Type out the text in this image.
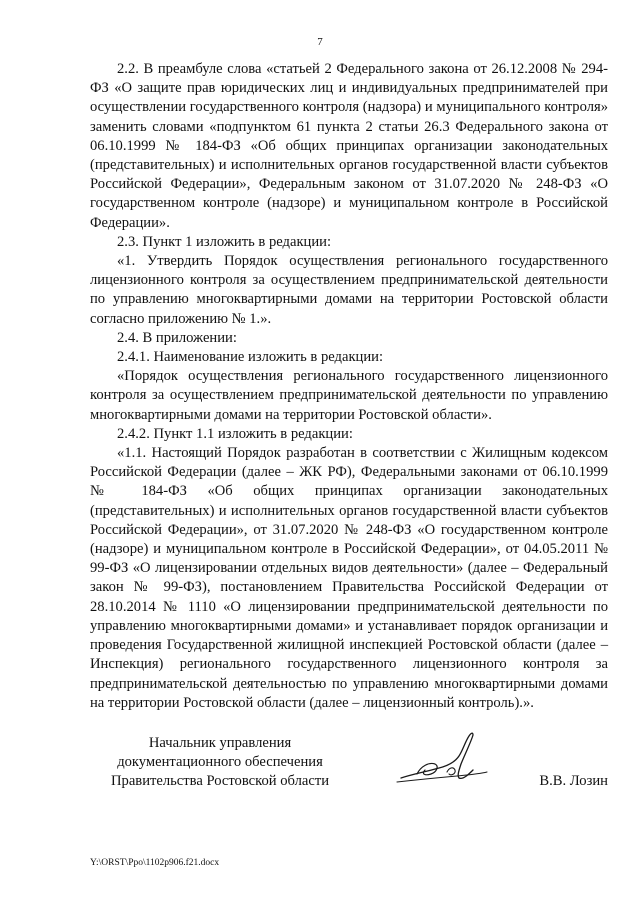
7

2.2. В преамбуле слова «статьей 2 Федерального закона от 26.12.2008 № 294-ФЗ «О защите прав юридических лиц и индивидуальных предпринимателей при осуществлении государственного контроля (надзора) и муниципального контроля» заменить словами «подпунктом 61 пункта 2 статьи 26.3 Федерального закона от 06.10.1999 № 184-ФЗ «Об общих принципах организации законодательных (представительных) и исполнительных органов государственной власти субъектов Российской Федерации», Федеральным законом от 31.07.2020 № 248-ФЗ «О государственном контроле (надзоре) и муниципальном контроле в Российской Федерации».

2.3. Пункт 1 изложить в редакции:

«1. Утвердить Порядок осуществления регионального государственного лицензионного контроля за осуществлением предпринимательской деятельности по управлению многоквартирными домами на территории Ростовской области согласно приложению № 1.».

2.4. В приложении:

2.4.1. Наименование изложить в редакции:

«Порядок осуществления регионального государственного лицензионного контроля за осуществлением предпринимательской деятельности по управлению многоквартирными домами на территории Ростовской области».

2.4.2. Пункт 1.1 изложить в редакции:

«1.1. Настоящий Порядок разработан в соответствии с Жилищным кодексом Российской Федерации (далее – ЖК РФ), Федеральными законами от 06.10.1999 № 184-ФЗ «Об общих принципах организации законодательных (представительных) и исполнительных органов государственной власти субъектов Российской Федерации», от 31.07.2020 № 248-ФЗ «О государственном контроле (надзоре) и муниципальном контроле в Российской Федерации», от 04.05.2011 № 99-ФЗ «О лицензировании отдельных видов деятельности» (далее – Федеральный закон № 99-ФЗ), постановлением Правительства Российской Федерации от 28.10.2014 № 1110 «О лицензировании предпринимательской деятельности по управлению многоквартирными домами» и устанавливает порядок организации и проведения Государственной жилищной инспекцией Ростовской области (далее – Инспекция) регионального государственного лицензионного контроля за предпринимательской деятельностью по управлению многоквартирными домами на территории Ростовской области (далее – лицензионный контроль).».

Начальник управления
документационного обеспечения
Правительства Ростовской области	В.В. Лозин
Y:\ORST\Ppo\1102p906.f21.docx
